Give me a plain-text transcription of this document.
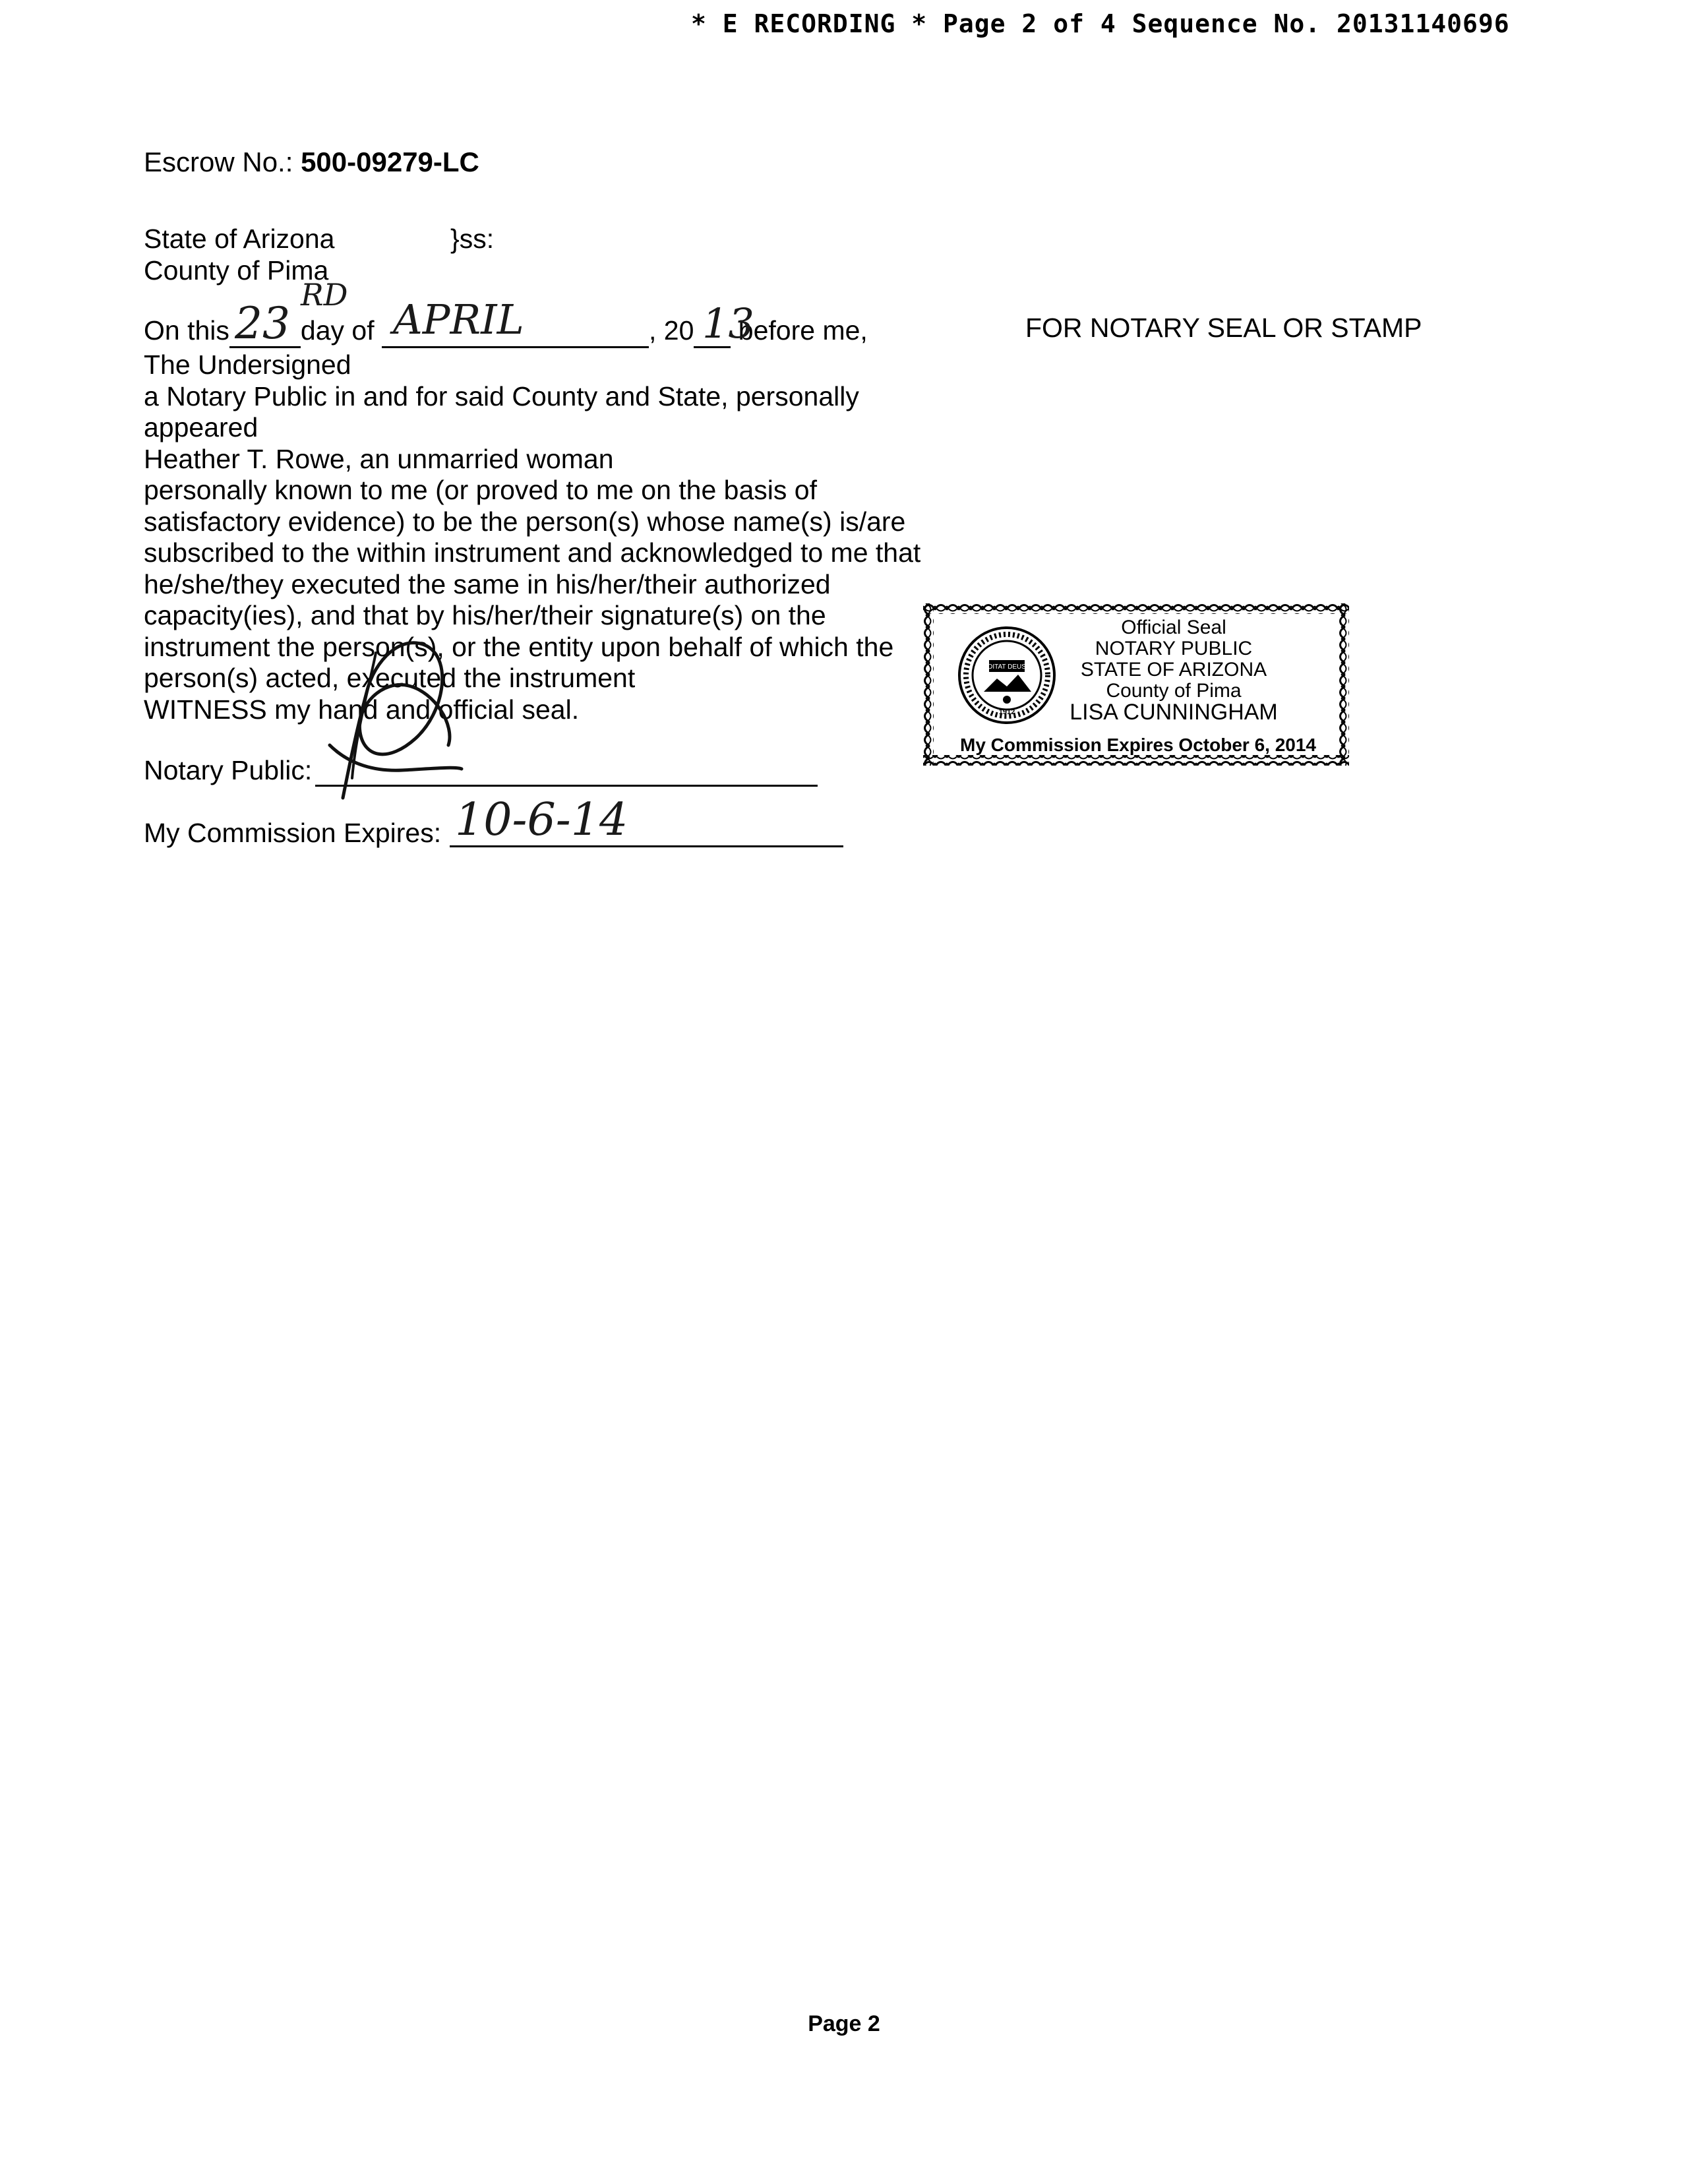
* E RECORDING * Page 2 of 4 Sequence No. 20131140696
Escrow No.: 500-09279-LC
State of Arizona	}ss:
County of Pima
On this	day of	, 20 before me,
23
RD
APRIL	13	FOR NOTARY SEAL OR STAMP
The Undersigned
a Notary Public in and for said County and State, personally
appeared
Heather T. Rowe, an unmarried woman
personally known to me (or proved to me on the basis of
satisfactory evidence) to be the person(s) whose name(s) is/are
subscribed to the within instrument and acknowledged to me that
he/she/they executed the same in his/her/their authorized
capacity(ies), and that by his/her/their signature(s) on the
instrument the person(s), or the entity upon behalf of which the
person(s) acted, executed the instrument
WITNESS my hand and official seal.
Notary Public:
My Commission Expires: 10-6-14
DITAT DEUS
1912
Official Seal
NOTARY PUBLIC
STATE OF ARIZONA
County of Pima
LISA CUNNINGHAM
My Commission Expires October 6, 2014
Page 2
